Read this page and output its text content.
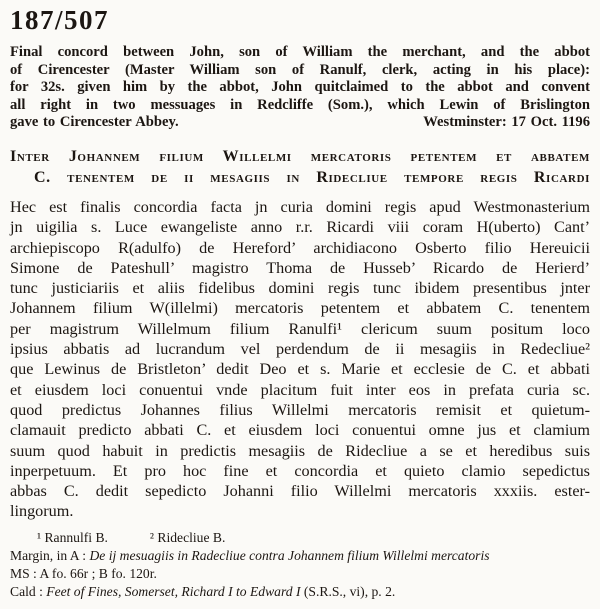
187/507
Final concord between John, son of William the merchant, and the abbot
of Cirencester (Master William son of Ranulf, clerk, acting in his place):
for 32s. given him by the abbot, John quitclaimed to the abbot and convent
all right in two messuages in Redcliffe (Som.), which Lewin of Brislington
gave to Cirencester Abbey.	Westminster: 17 Oct. 1196
Inter Johannem filium Willelmi mercatoris petentem et abbatem
C. tenentem de ii mesagiis in Ridecliue tempore regis Ricardi
Hec est finalis concordia facta jn curia domini regis apud Westmonasterium
jn uigilia s. Luce ewangeliste anno r.r. Ricardi viii coram H(uberto) Cant’
archiepiscopo R(adulfo) de Hereford’ archidiacono Osberto filio Hereuicii
Simone de Pateshull’ magistro Thoma de Husseb’ Ricardo de Herierd’
tunc justiciariis et aliis fidelibus domini regis tunc ibidem presentibus jnter
Johannem filium W(illelmi) mercatoris petentem et abbatem C. tenentem
per magistrum Willelmum filium Ranulfi¹ clericum suum positum loco
ipsius abbatis ad lucrandum vel perdendum de ii mesagiis in Redecliue²
que Lewinus de Bristleton’ dedit Deo et s. Marie et ecclesie de C. et abbati
et eiusdem loci conuentui vnde placitum fuit inter eos in prefata curia sc.
quod predictus Johannes filius Willelmi mercatoris remisit et quietum-
clamauit predicto abbati C. et eiusdem loci conuentui omne jus et clamium
suum quod habuit in predictis mesagiis de Ridecliue a se et heredibus suis
inperpetuum. Et pro hoc fine et concordia et quieto clamio sepedictus
abbas C. dedit sepedicto Johanni filio Willelmi mercatoris xxxiis. ester-
lingorum.
¹ Rannulfi B.	² Ridecliue B.
Margin, in A : De ij mesuagiis in Radecliue contra Johannem filium Willelmi mercatoris
MS : A fo. 66r ; B fo. 120r.
Cald : Feet of Fines, Somerset, Richard I to Edward I (S.R.S., vi), p. 2.
